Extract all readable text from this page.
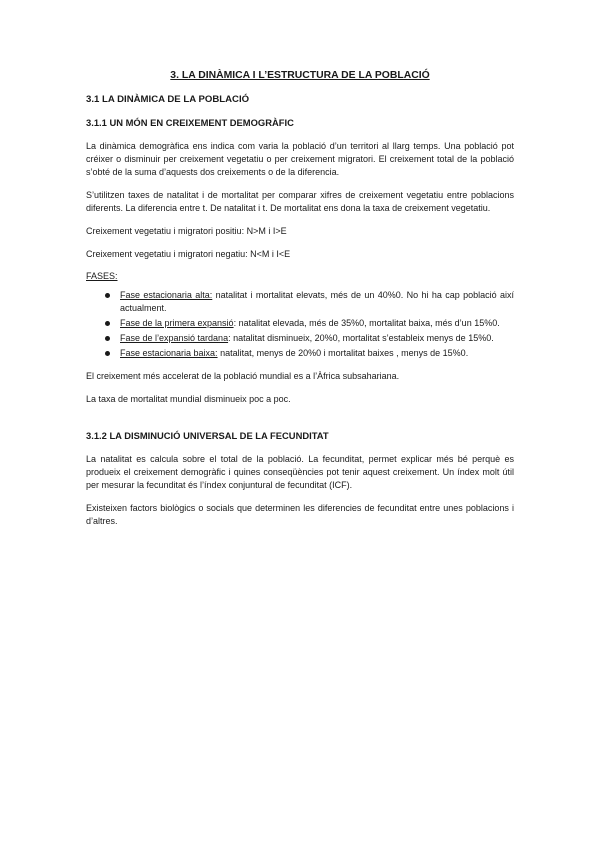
3. LA DINÀMICA I L’ESTRUCTURA DE LA POBLACIÓ
3.1 LA DINÀMICA DE LA POBLACIÓ
3.1.1 UN MÓN EN CREIXEMENT DEMOGRÀFIC

La dinàmica demogràfica ens indica com varia la població d’un territori al llarg temps. Una població pot créixer o disminuir per creixement vegetatiu o per creixement migratori. El creixement total de la població s’obté de la suma d’aquests dos creixements o de la diferencia.

S’utilitzen taxes de natalitat i de mortalitat per comparar xifres de creixement vegetatiu entre poblacions diferents. La diferencia entre t. De natalitat i t. De mortalitat ens dona la taxa de creixement vegetatiu.

Creixement vegetatiu i migratori positiu: N>M i I>E

Creixement vegetatiu i migratori negatiu: N<M i I<E

FASES:
Fase estacionaria alta: natalitat i mortalitat elevats, més de un 40%0. No hi ha cap població així actualment.
Fase de la primera expansió: natalitat elevada, més de 35%0, mortalitat baixa, més d’un 15%0.
Fase de l’expansió tardana: natalitat disminueix, 20%0, mortalitat s’estableix menys de 15%0.
Fase estacionaria baixa: natalitat, menys de 20%0 i mortalitat baixes , menys de 15%0.

El creixement més accelerat de la població mundial es a l’Àfrica subsahariana.

La taxa de mortalitat mundial disminueix poc a poc.

3.1.2 LA DISMINUCIÓ UNIVERSAL DE LA FECUNDITAT

La natalitat es calcula sobre el total de la població. La fecunditat, permet explicar més bé perquè es produeix el creixement demogràfic i quines conseqüències pot tenir aquest creixement. Un índex molt útil per mesurar la fecunditat és l’índex conjuntural de fecunditat (ICF).

Existeixen factors biològics o socials que determinen les diferencies de fecunditat entre unes poblacions i d’altres.
